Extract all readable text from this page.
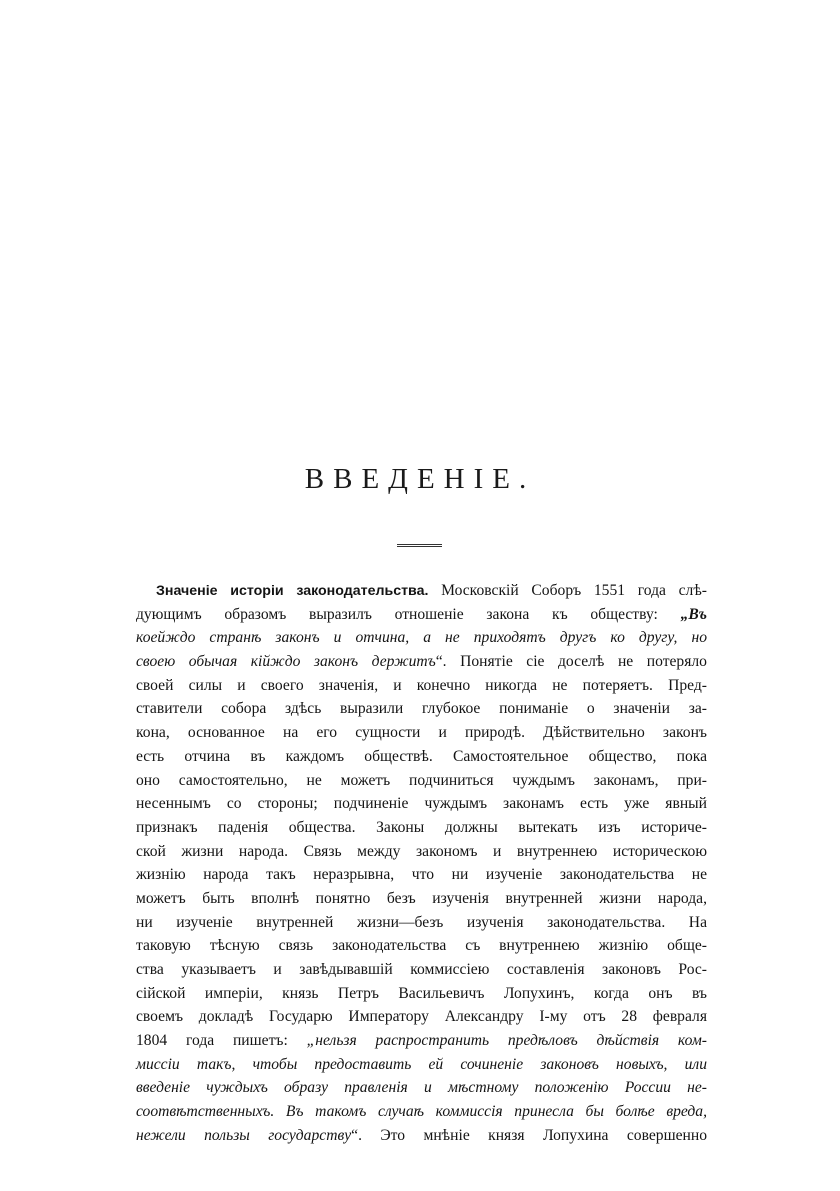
ВВЕДЕНІЕ.
Значеніе исторіи законодательства. Московскій Соборъ 1551 года слѣ-
дующимъ образомъ выразилъ отношеніе закона къ обществу: „Въ
коейждо странѣ законъ и отчина, а не приходятъ другъ ко другу, но
своею обычая кійждо законъ держитъ“. Понятіе сіе доселѣ не потеряло
своей силы и своего значенія, и конечно никогда не потеряетъ. Пред-
ставители собора здѣсь выразили глубокое пониманіе о значеніи за-
кона, основанное на его сущности и природѣ. Дѣйствительно законъ
есть отчина въ каждомъ обществѣ. Самостоятельное общество, пока
оно самостоятельно, не можетъ подчиниться чуждымъ законамъ, при-
несеннымъ со стороны; подчиненіе чуждымъ законамъ есть уже явный
признакъ паденія общества. Законы должны вытекать изъ историче-
ской жизни народа. Связь между закономъ и внутреннею историческою
жизнію народа такъ неразрывна, что ни изученіе законодательства не
можетъ быть вполнѣ понятно безъ изученія внутренней жизни народа,
ни изученіе внутренней жизни—безъ изученія законодательства. На
таковую тѣсную связь законодательства съ внутреннею жизнію обще-
ства указываетъ и завѣдывавшій коммиссіею составленія законовъ Рос-
сійской имперіи, князь Петръ Васильевичъ Лопухинъ, когда онъ въ
своемъ докладѣ Государю Императору Александру I-му отъ 28 февраля
1804 года пишетъ: „нельзя распространить предѣловъ дѣйствія ком-
миссіи такъ, чтобы предоставить ей сочиненіе законовъ новыхъ, или
введеніе чуждыхъ образу правленія и мѣстному положенію России не-
соотвѣтственныхъ. Въ такомъ случаѣ коммиссія принесла бы болѣе вреда,
нежели пользы государству“. Это мнѣніе князя Лопухина совершенно
